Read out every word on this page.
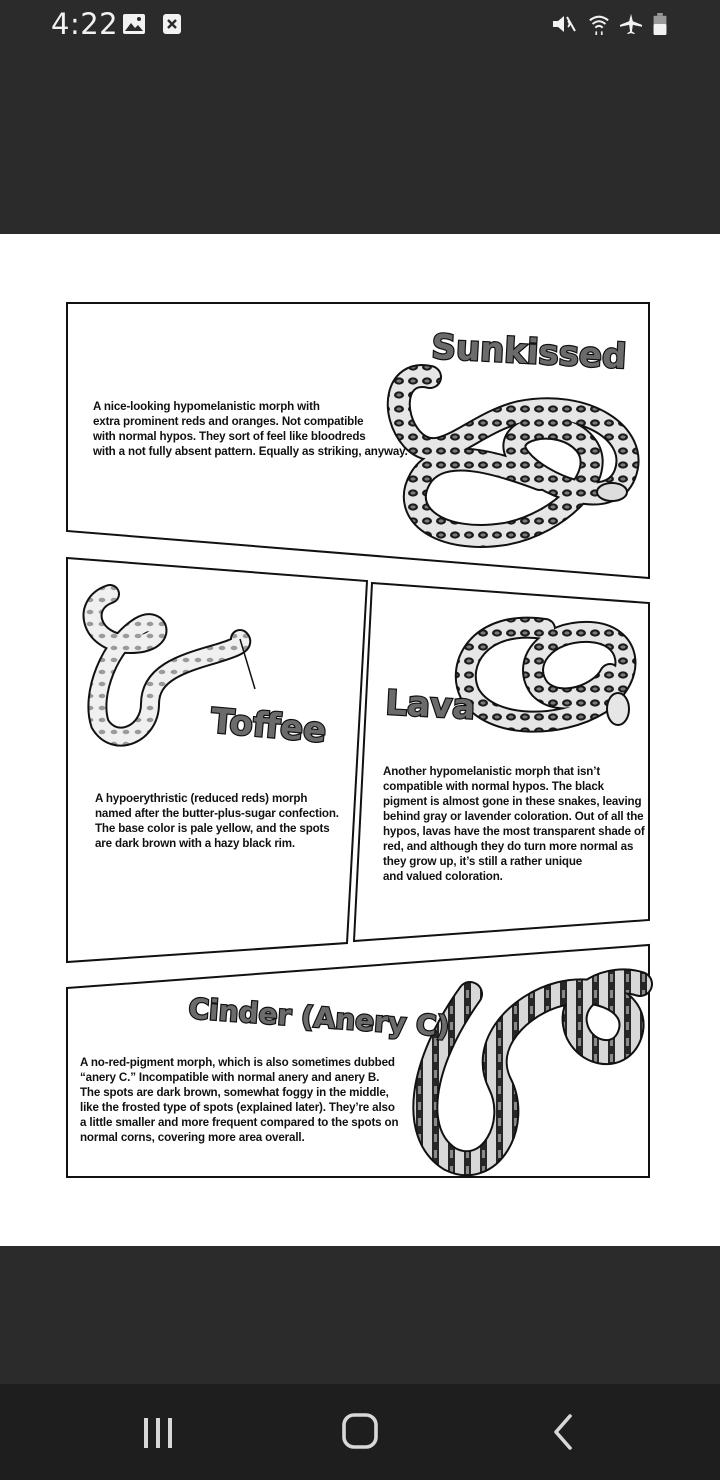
4:22
Sunkissed
Toffee Lava
Cinder (Anery C)
A nice-looking hypomelanistic morph with
extra prominent reds and oranges. Not compatible
with normal hypos. They sort of feel like bloodreds
with a not fully absent pattern. Equally as striking, anyway.
A hypoerythristic (reduced reds) morph
named after the butter-plus-sugar confection.
The base color is pale yellow, and the spots
are dark brown with a hazy black rim.
Another hypomelanistic morph that isn’t
compatible with normal hypos. The black
pigment is almost gone in these snakes, leaving
behind gray or lavender coloration. Out of all the
hypos, lavas have the most transparent shade of
red, and although they do turn more normal as
they grow up, it’s still a rather unique
and valued coloration.
A no-red-pigment morph, which is also sometimes dubbed
“anery C.” Incompatible with normal anery and anery B.
The spots are dark brown, somewhat foggy in the middle,
like the frosted type of spots (explained later). They’re also
a little smaller and more frequent compared to the spots on
normal corns, covering more area overall.
